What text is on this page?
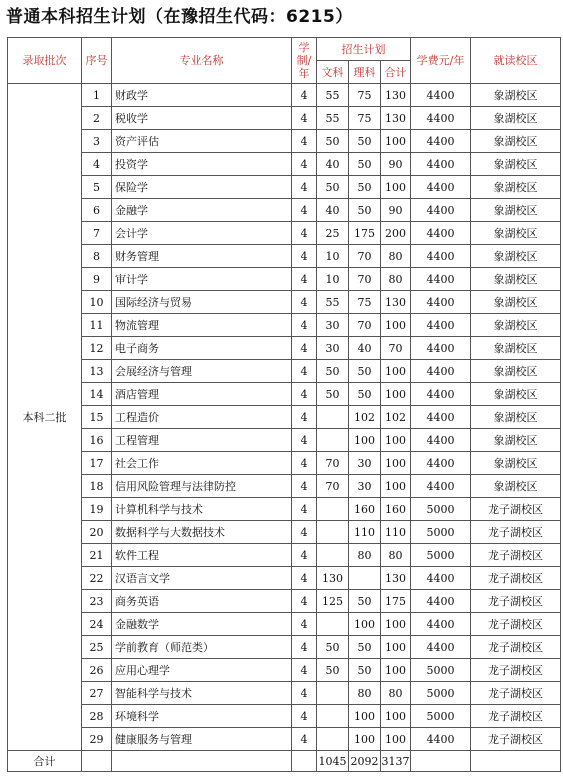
普通本科招生计划（在豫招生代码：6215）
录取批次	序号	专业名称	学制/年	招生计划			学费元/年	就读校区
				文科	理科	合计		
本科二批	1	财政学	4	55	75	130	4400	象湖校区
	2	税收学	4	55	75	130	4400	象湖校区
	3	资产评估	4	50	50	100	4400	象湖校区
	4	投资学	4	40	50	90	4400	象湖校区
	5	保险学	4	50	50	100	4400	象湖校区
	6	金融学	4	40	50	90	4400	象湖校区
	7	会计学	4	25	175	200	4400	象湖校区
	8	财务管理	4	10	70	80	4400	象湖校区
	9	审计学	4	10	70	80	4400	象湖校区
	10	国际经济与贸易	4	55	75	130	4400	象湖校区
	11	物流管理	4	30	70	100	4400	象湖校区
	12	电子商务	4	30	40	70	4400	象湖校区
	13	会展经济与管理	4	50	50	100	4400	象湖校区
	14	酒店管理	4	50	50	100	4400	象湖校区
	15	工程造价	4		102	102	4400	象湖校区
	16	工程管理	4		100	100	4400	象湖校区
	17	社会工作	4	70	30	100	4400	象湖校区
	18	信用风险管理与法律防控	4	70	30	100	4400	象湖校区
	19	计算机科学与技术	4		160	160	5000	龙子湖校区
	20	数据科学与大数据技术	4		110	110	5000	龙子湖校区
	21	软件工程	4		80	80	5000	龙子湖校区
	22	汉语言文学	4	130		130	4400	龙子湖校区
	23	商务英语	4	125	50	175	4400	龙子湖校区
	24	金融数学	4		100	100	4400	龙子湖校区
	25	学前教育（师范类）	4	50	50	100	4400	龙子湖校区
	26	应用心理学	4	50	50	100	5000	龙子湖校区
	27	智能科学与技术	4		80	80	5000	龙子湖校区
	28	环境科学	4		100	100	5000	龙子湖校区
	29	健康服务与管理	4		100	100	4400	龙子湖校区
合计				1045	2092	3137		
